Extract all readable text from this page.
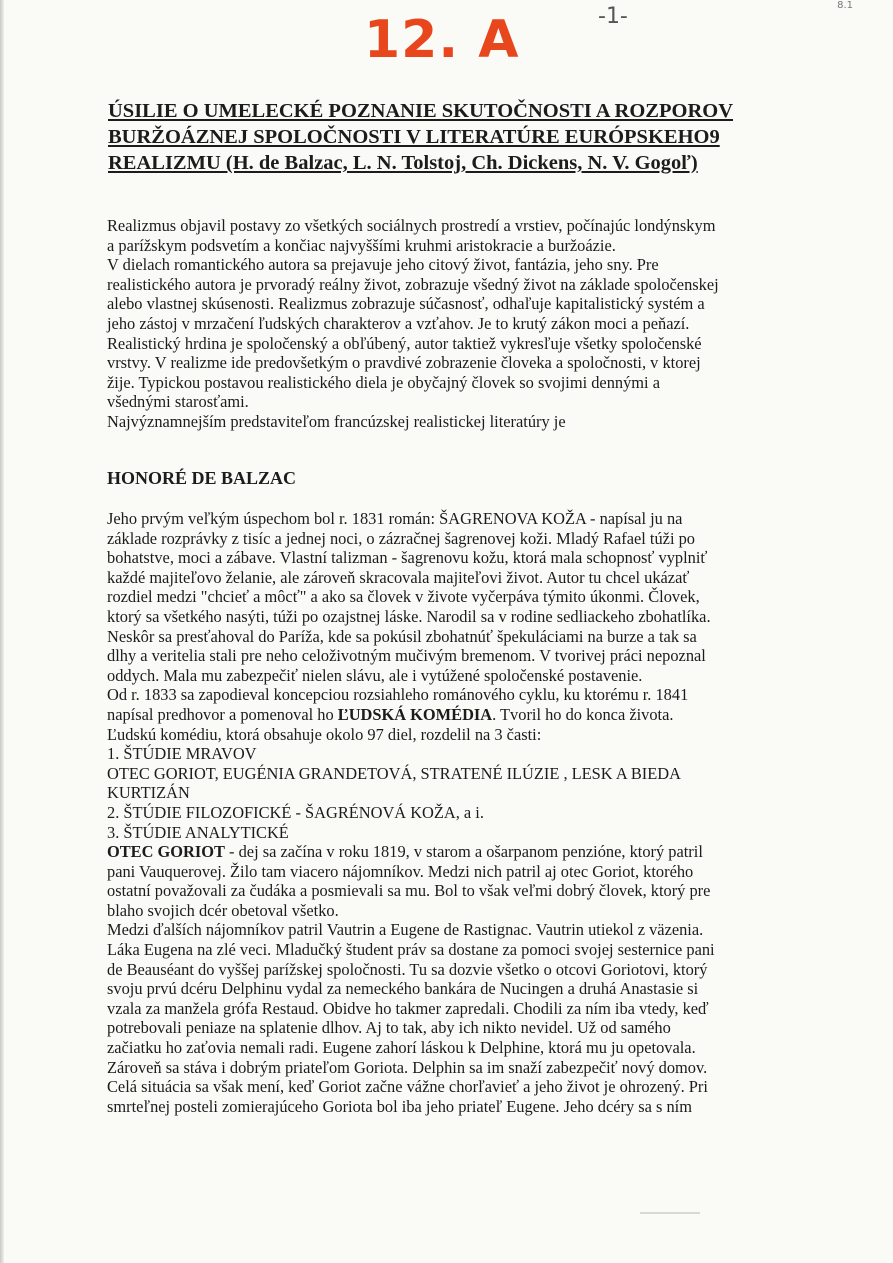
12. A	-1-	8.1
ÚSILIE O UMELECKÉ POZNANIE SKUTOČNOSTI A ROZPOROV
BURŽOÁZNEJ SPOLOČNOSTI V LITERATÚRE EURÓPSKEHO9
REALIZMU (H. de Balzac, L. N. Tolstoj, Ch. Dickens, N. V. Gogoľ)
Realizmus objavil postavy zo všetkých sociálnych prostredí a vrstiev, počínajúc londýnskym
a parížskym podsvetím a končiac najvyššími kruhmi aristokracie a buržoázie.
V dielach romantického autora sa prejavuje jeho citový život, fantázia, jeho sny. Pre
realistického autora je prvoradý reálny život, zobrazuje všedný život na základe spoločenskej
alebo vlastnej skúsenosti. Realizmus zobrazuje súčasnosť, odhaľuje kapitalistický systém a
jeho zástoj v mrzačení ľudských charakterov a vzťahov. Je to krutý zákon moci a peňazí.
Realistický hrdina je spoločenský a obľúbený, autor taktiež vykresľuje všetky spoločenské
vrstvy. V realizme ide predovšetkým o pravdivé zobrazenie človeka a spoločnosti, v ktorej
žije. Typickou postavou realistického diela je obyčajný človek so svojimi dennými a
všednými starosťami.
Najvýznamnejším predstaviteľom francúzskej realistickej literatúry je
HONORÉ DE BALZAC
Jeho prvým veľkým úspechom bol r. 1831 román: ŠAGRENOVA KOŽA - napísal ju na
základe rozprávky z tisíc a jednej noci, o zázračnej šagrenovej koži. Mladý Rafael túži po
bohatstve, moci a zábave. Vlastní talizman - šagrenovu kožu, ktorá mala schopnosť vyplniť
každé majiteľovo želanie, ale zároveň skracovala majiteľovi život. Autor tu chcel ukázať
rozdiel medzi "chcieť a môcť" a ako sa človek v živote vyčerpáva týmito úkonmi. Človek,
ktorý sa všetkého nasýti, túži po ozajstnej láske. Narodil sa v rodine sedliackeho zbohatlíka.
Neskôr sa presťahoval do Paríža, kde sa pokúsil zbohatnúť špekuláciami na burze a tak sa
dlhy a veritelia stali pre neho celoživotným mučivým bremenom. V tvorivej práci nepoznal
oddych. Mala mu zabezpečiť nielen slávu, ale i vytúžené spoločenské postavenie.
Od r. 1833 sa zapodieval koncepciou rozsiahleho románového cyklu, ku ktorému r. 1841
napísal predhovor a pomenoval ho ĽUDSKÁ KOMÉDIA. Tvoril ho do konca života.
Ľudskú komédiu, ktorá obsahuje okolo 97 diel, rozdelil na 3 časti:
1. ŠTÚDIE MRAVOV
OTEC GORIOT, EUGÉNIA GRANDETOVÁ, STRATENÉ ILÚZIE , LESK A BIEDA
KURTIZÁN
2. ŠTÚDIE FILOZOFICKÉ - ŠAGRÉNOVÁ KOŽA, a i.
3. ŠTÚDIE ANALYTICKÉ
OTEC GORIOT - dej sa začína v roku 1819, v starom a ošarpanom penzióne, ktorý patril
pani Vauquerovej. Žilo tam viacero nájomníkov. Medzi nich patril aj otec Goriot, ktorého
ostatní považovali za čudáka a posmievali sa mu. Bol to však veľmi dobrý človek, ktorý pre
blaho svojich dcér obetoval všetko.
Medzi ďalších nájomníkov patril Vautrin a Eugene de Rastignac. Vautrin utiekol z väzenia.
Láka Eugena na zlé veci. Mladučký študent práv sa dostane za pomoci svojej sesternice pani
de Beauséant do vyššej parížskej spoločnosti. Tu sa dozvie všetko o otcovi Goriotovi, ktorý
svoju prvú dcéru Delphinu vydal za nemeckého bankára de Nucingen a druhá Anastasie si
vzala za manžela grófa Restaud. Obidve ho takmer zapredali. Chodili za ním iba vtedy, keď
potrebovali peniaze na splatenie dlhov. Aj to tak, aby ich nikto nevidel. Už od samého
začiatku ho zaťovia nemali radi. Eugene zahorí láskou k Delphine, ktorá mu ju opetovala.
Zároveň sa stáva i dobrým priateľom Goriota. Delphin sa im snaží zabezpečiť nový domov.
Celá situácia sa však mení, keď Goriot začne vážne chorľavieť a jeho život je ohrozený. Pri
smrteľnej posteli zomierajúceho Goriota bol iba jeho priateľ Eugene. Jeho dcéry sa s ním
